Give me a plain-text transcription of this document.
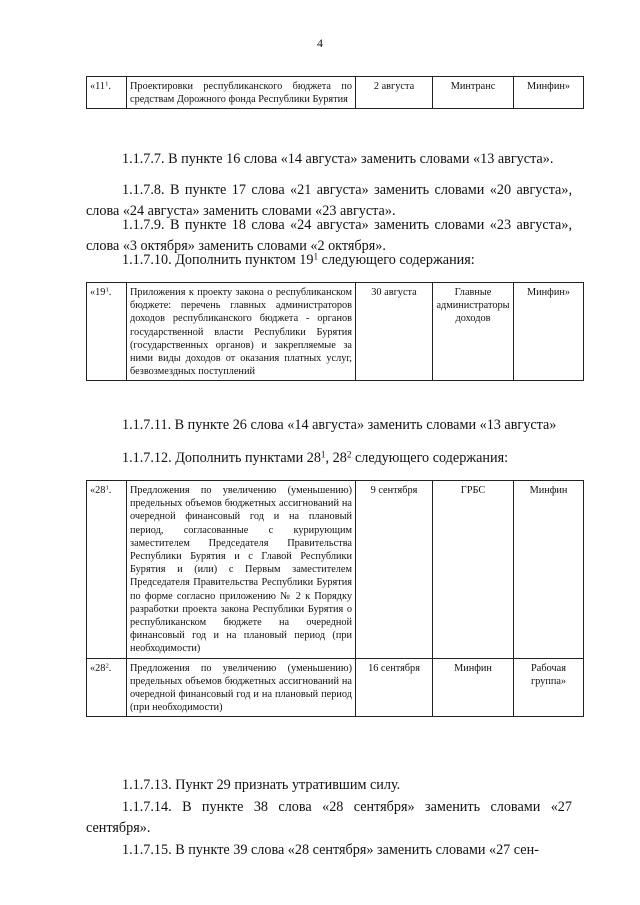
4
«$11^1$.	Проектировки республиканского бюджета по средствам Дорожного фонда Республики Бурятия	2 августа	Минтранс	Минфин»

1.1.7.7. В пункте 16 слова «14 августа» заменить словами «13 августа».

1.1.7.8. В пункте 17 слова «21 августа» заменить словами «20 августа», слова «24 августа» заменить словами «23 августа».

1.1.7.9. В пункте 18 слова «24 августа» заменить словами «23 августа», слова «3 октября» заменить словами «2 октября».

1.1.7.10. Дополнить пунктом $19^1$ следующего содержания:

«$19^1$.	Приложения к проекту закона о республиканском бюджете: перечень главных администраторов доходов республиканского бюджета - органов государственной власти Республики Бурятия (государственных органов) и закрепляемые за ними виды доходов от оказания платных услуг, безвозмездных поступлений	30 августа	Главные администраторы доходов	Минфин»

1.1.7.11. В пункте 26 слова «14 августа» заменить словами «13 августа»

1.1.7.12. Дополнить пунктами $28^1$, $28^2$ следующего содержания:

«$28^1$.	Предложения по увеличению (уменьшению) предельных объемов бюджетных ассигнований на очередной финансовый год и на плановый период, согласованные с курирующим заместителем Председателя Правительства Республики Бурятия и с Главой Республики Бурятия и (или) с Первым заместителем Председателя Правительства Республики Бурятия по форме согласно приложению № 2 к Порядку разработки проекта закона Республики Бурятия о республиканском бюджете на очередной финансовый год и на плановый период (при необходимости)	9 сентября	ГРБС	Минфин
«$28^2$.	Предложения по увеличению (уменьшению) предельных объемов бюджетных ассигнований на очередной финансовый год и на плановый период (при необходимости)	16 сентября	Минфин	Рабочая группа»

1.1.7.13. Пункт 29 признать утратившим силу.

1.1.7.14. В пункте 38 слова «28 сентября» заменить словами «27 сентября».

1.1.7.15. В пункте 39 слова «28 сентября» заменить словами «27 сен-
